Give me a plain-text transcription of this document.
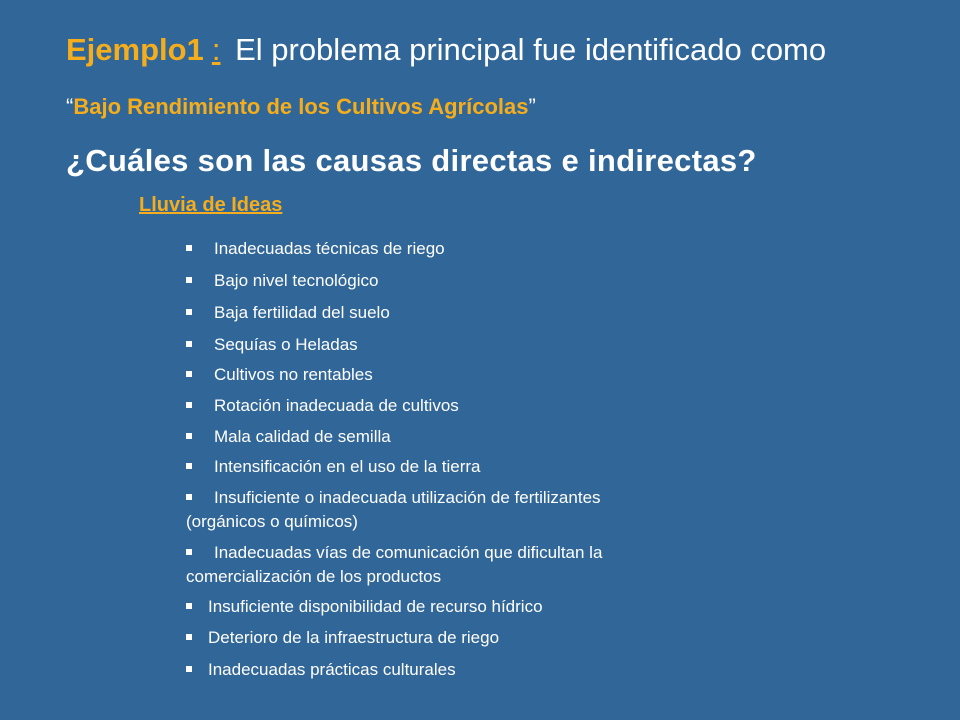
Ejemplo1 : El problema principal fue identificado como
“Bajo Rendimiento de los Cultivos Agrícolas”
¿Cuáles son las causas directas e indirectas?
Lluvia de Ideas
Inadecuadas técnicas de riego
Bajo nivel tecnológico
Baja fertilidad del suelo
Sequías o Heladas
Cultivos no rentables
Rotación inadecuada de cultivos
Mala calidad de semilla
Intensificación en el uso de la tierra
Insuficiente o inadecuada utilización de fertilizantes
(orgánicos o químicos)
Inadecuadas vías de comunicación que dificultan la
comercialización de los productos
Insuficiente disponibilidad de recurso hídrico
Deterioro de la infraestructura de riego
Inadecuadas prácticas culturales
